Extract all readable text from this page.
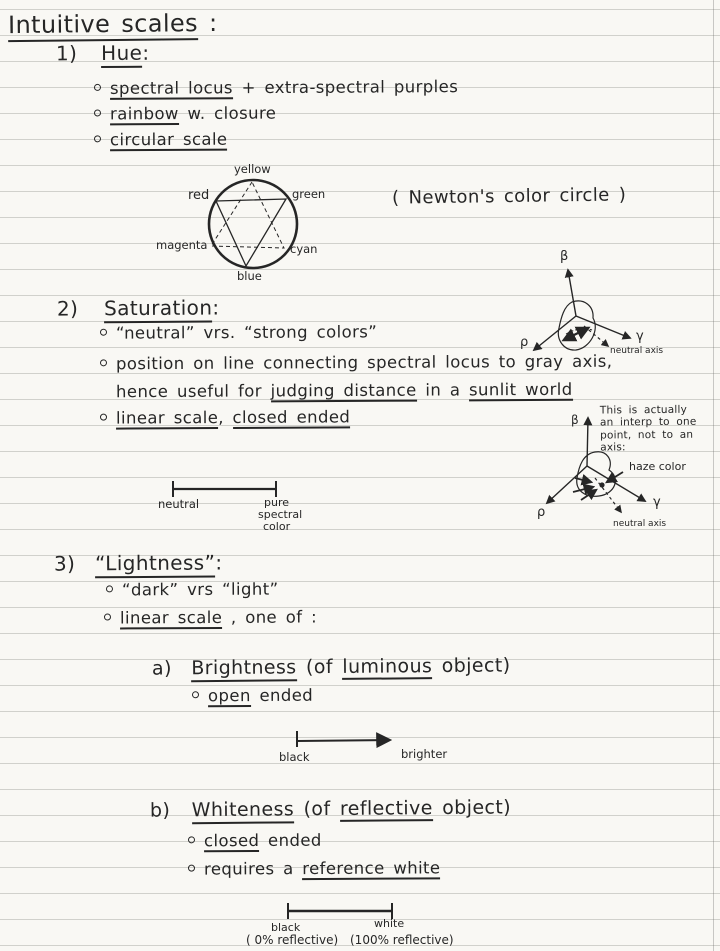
Intuitive scales :
1) Hue:
spectral locus + extra-spectral purples
rainbow w. closure
circular scale
yellow
red	green
magenta	cyan
blue
( Newton's color circle )
β
ρ	γ
neutral axis
2) Saturation:
“neutral” vrs. “strong colors”
position on line connecting spectral locus to gray axis,
hence useful for judging distance in a sunlit world
linear scale, closed ended	This is actually
an interp to one
point, not to an
axis:
β
ρ
γ
neutral axis
haze color
neutral	pure
spectral
color
3) “Lightness”:
“dark” vrs “light”
linear scale , one of :
a) Brightness (of luminous object)
open ended
black	brighter
b) Whiteness (of reflective object)
closed ended
requires a reference white
black	white
( 0% reflective) (100% reflective)
